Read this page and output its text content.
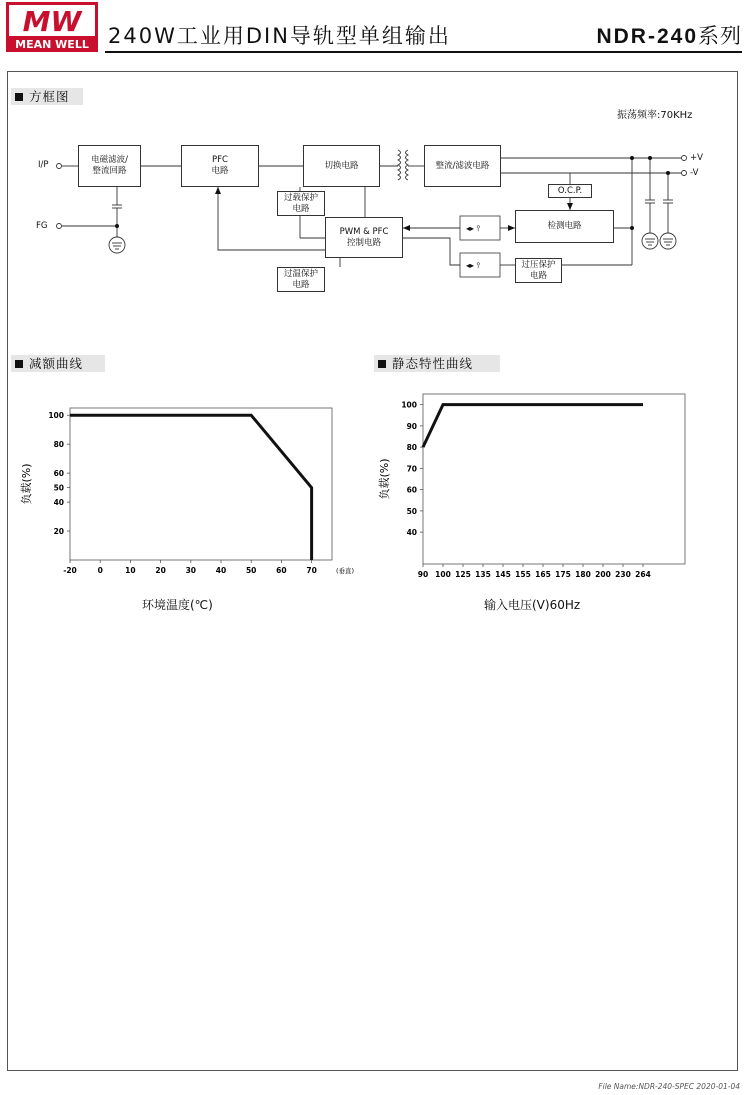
MW
MEAN WELL 240W工业用DIN导轨型单组输出	NDR-240系列
方框图
振荡频率:70KHz
◂▸ ⫯
◂▸ ⫯
I/P
FG
+V
-V
电磁滤波/
整流回路
PFC
电路
切换电路	整流/滤波电路
O.C.P.
检测电路
过载保护
电路
PWM & PFC
控制电路
过温保护
电路
过压保护
电路
减额曲线	静态特性曲线
100
80
60
50
40
20
-20	0	10	20	30	40	50	60	70
负载(%)
(垂直)
100
90
80
70
60
50
40
90 100 125 135 145 155 165 175 180 200 230 264
负载(%)
环境温度(℃)	输入电压(V)60Hz
File Name:NDR-240-SPEC 2020-01-04
